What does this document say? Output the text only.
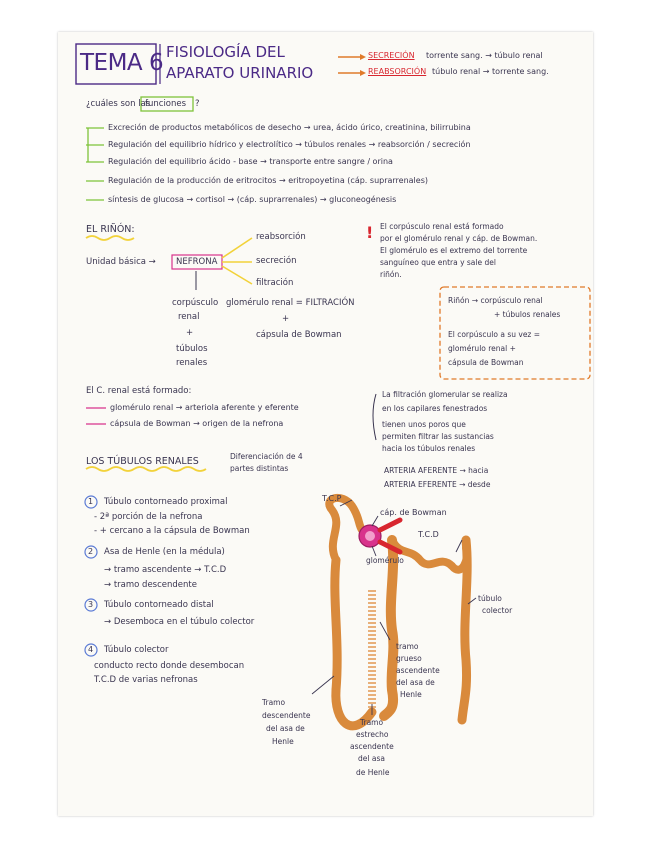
!
TEMA 6 FISIOLOGÍA DEL
APARATO URINARIO
SECRECIÓN torrente sang. → túbulo renal
REABSORCIÓN túbulo renal → torrente sang.
¿cuáles son las
funciones ?
Excreción de productos metabólicos de desecho → urea, ácido úrico, creatinina, bilirrubina
Regulación del equilibrio hídrico y electrolítico → túbulos renales → reabsorción / secreción
Regulación del equilibrio ácido - base → transporte entre sangre / orina
Regulación de la producción de eritrocitos → eritropoyetina (cáp. suprarrenales)
síntesis de glucosa → cortisol → (cáp. suprarrenales) → gluconeogénesis
EL RIÑÓN:
Unidad básica → NEFRONA
reabsorción
secreción
filtración
corpúsculo
renal
+
túbulos
renales
glomérulo renal = FILTRACIÓN
+
cápsula de Bowman
El corpúsculo renal está formado
por el glomérulo renal y cáp. de Bowman.
El glomérulo es el extremo del torrente
sanguíneo que entra y sale del
riñón.
Riñón → corpúsculo renal
+ túbulos renales
El corpúsculo a su vez =
glomérulo renal +
cápsula de Bowman
El C. renal está formado:
glomérulo renal → arteriola aferente y eferente
cápsula de Bowman → origen de la nefrona
La filtración glomerular se realiza
en los capilares fenestrados
tienen unos poros que
permiten filtrar las sustancias
hacia los túbulos renales
ARTERIA AFERENTE → hacia
ARTERIA EFERENTE → desde
LOS TÚBULOS RENALES	Diferenciación de 4
partes distintas
1 Túbulo contorneado proximal
- 2ª porción de la nefrona
- + cercano a la cápsula de Bowman
2 Asa de Henle (en la médula)
→ tramo ascendente → T.C.D
→ tramo descendente
3 Túbulo contorneado distal
→ Desemboca en el túbulo colector
4 Túbulo colector
conducto recto donde desembocan
T.C.D de varias nefronas
T.C.P
cáp. de Bowman
glomérulo
T.C.D
túbulo
colector
tramo
grueso
ascendente
del asa de
Henle
Tramo
descendente
del asa de
Henle
Tramo
estrecho
ascendente
del asa
de Henle
